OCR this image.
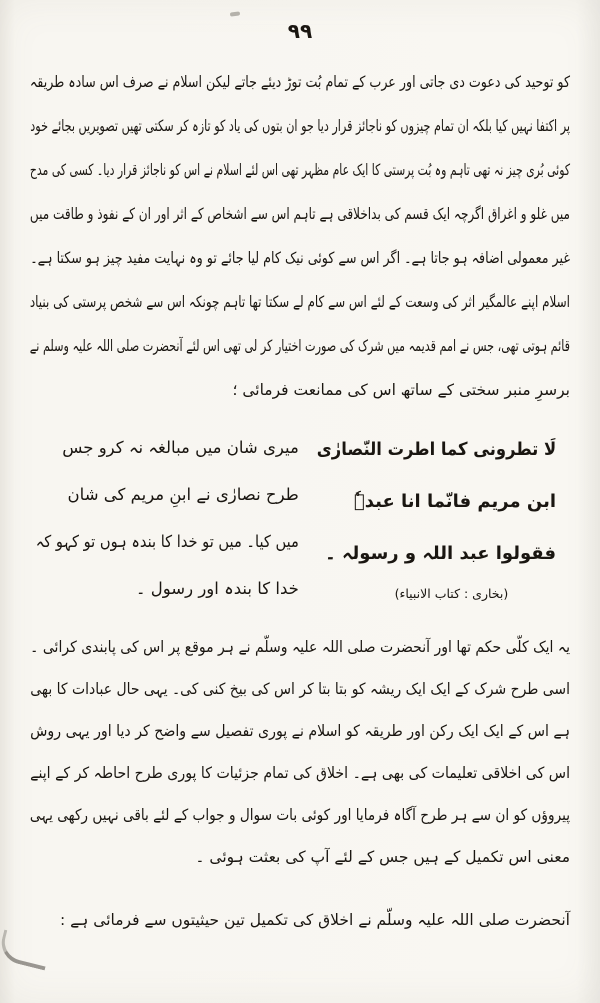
۹۹
کو توحید کی دعوت دی جاتی اور عرب کے تمام بُت توڑ دیئے جاتے لیکن اسلام نے صرف اس سادہ طریقہ
پر اکتفا نہیں کیا بلکہ ان تمام چیزوں کو ناجائز قرار دیا جو ان بتوں کی یاد کو تازہ کر سکتی تھیں تصویریں بجائے خود
کوئی بُری چیز نہ تھی تاہم وہ بُت پرستی کا ایک عام مظہر تھی اس لئے اسلام نے اس کو ناجائز قرار دیا۔ کسی کی مدح
میں غلو و اغراق اگرچہ ایک قسم کی بداخلاقی ہے تاہم اس سے اشخاص کے اثر اور ان کے نفوذ و طاقت میں
غیر معمولی اضافہ ہو جاتا ہے۔ اگر اس سے کوئی نیک کام لیا جائے تو وہ نہایت مفید چیز ہو سکتا ہے۔
اسلام اپنے عالمگیر اثر کی وسعت کے لئے اس سے کام لے سکتا تھا تاہم چونکہ اس سے شخص پرستی کی بنیاد
قائم ہوتی تھی، جس نے امم قدیمہ میں شرک کی صورت اختیار کر لی تھی اس لئے آنحضرت صلی اللہ علیہ وسلم نے
برسرِ منبر سختی کے ساتھ اس کی ممانعت فرمائی ؛
لَا تطرونی کما اطرت النّصارٰی
ابن مریم فانّما انا عبدہٗ
فقولوا عبد اللہ و رسولہ ۔
(بخاری : کتاب الانبیاء)
میری شان میں مبالغہ نہ کرو جس
طرح نصارٰی نے ابنِ مریم کی شان
میں کیا۔ میں تو خدا کا بندہ ہوں تو کہو کہ
خدا کا بندہ اور رسول ۔
یہ ایک کلّی حکم تھا اور آنحضرت صلی اللہ علیہ وسلّم نے ہر موقع پر اس کی پابندی کرائی ۔
اسی طرح شرک کے ایک ایک ریشہ کو بتا بتا کر اس کی بیخ کنی کی۔ یہی حال عبادات کا بھی
ہے اس کے ایک ایک رکن اور طریقہ کو اسلام نے پوری تفصیل سے واضح کر دیا اور یہی روش
اس کی اخلاقی تعلیمات کی بھی ہے۔ اخلاق کی تمام جزئیات کا پوری طرح احاطہ کر کے اپنے
پیروؤں کو ان سے ہر طرح آگاہ فرمایا اور کوئی بات سوال و جواب کے لئے باقی نہیں رکھی یہی
معنی اس تکمیل کے ہیں جس کے لئے آپ کی بعثت ہوئی ۔
آنحضرت صلی اللہ علیہ وسلّم نے اخلاق کی تکمیل تین حیثیتوں سے فرمائی ہے :
